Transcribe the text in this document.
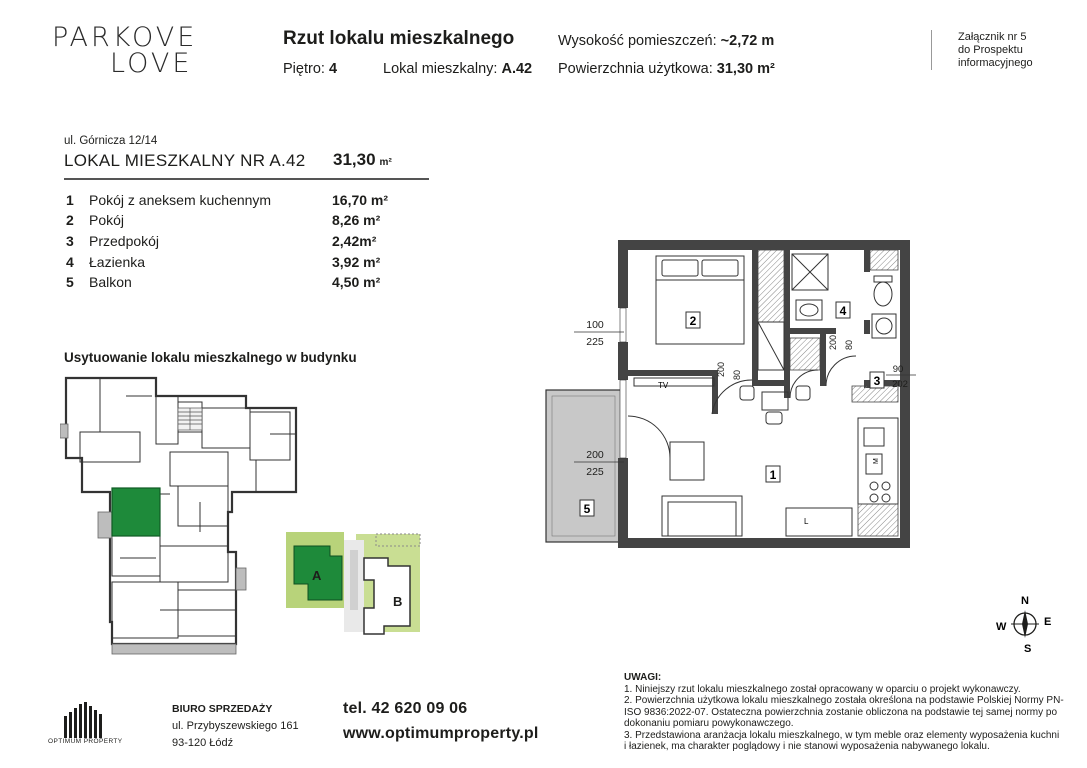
PARKOVE
LOVE
Rzut lokalu mieszkalnego
Piętro: 4	Lokal mieszkalny: A.42
Wysokość pomieszczeń: ~2,72 m
Powierzchnia użytkowa: 31,30 m²
Załącznik nr 5
do Prospektu
informacyjnego
ul. Górnicza 12/14
LOKAL MIESZKALNY NR A.42 31,30 m²
1 Pokój z aneksem kuchennym	16,70 m²
2 Pokój	8,26 m²
3 Przedpokój	2,42m²
4 Łazienka	3,92 m²
5 Balkon	4,50 m²
Usytuowanie lokalu mieszkalnego w budynku
A
B
1
2
3
4
5
TV
L
M
100
225
200
225
90
202
200 80
200 80
N
E
S
W
UWAGI:
1. Niniejszy rzut lokalu mieszkalnego został opracowany w oparciu o projekt wykonawczy.
2. Powierzchnia użytkowa lokalu mieszkalnego została określona na podstawie Polskiej Normy PN-ISO 9836:2022-07. Ostateczna powierzchnia zostanie obliczona na podstawie tej samej normy po dokonaniu pomiaru powykonawczego.
3. Przedstawiona aranżacja lokalu mieszkalnego, w tym meble oraz elementy wyposażenia kuchni i łazienek, ma charakter poglądowy i nie stanowi wyposażenia nabywanego lokalu.
OPTIMUM PROPERTY
BIURO SPRZEDAŻY
ul. Przybyszewskiego 161
93-120 Łódź
tel. 42 620 09 06
www.optimumproperty.pl
